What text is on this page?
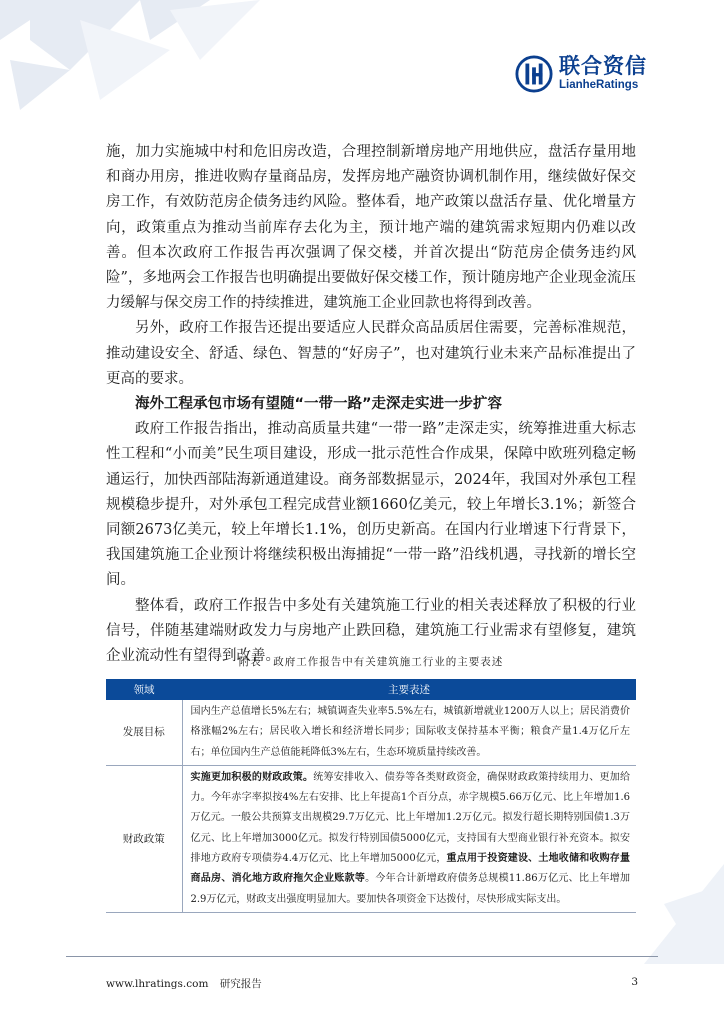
联合资信
LianheRatings

施，加力实施城中村和危旧房改造，合理控制新增房地产用地供应，盘活存量用地和商办用房，推进收购存量商品房，发挥房地产融资协调机制作用，继续做好保交房工作，有效防范房企债务违约风险。整体看，地产政策以盘活存量、优化增量方向，政策重点为推动当前库存去化为主，预计地产端的建筑需求短期内仍难以改善。但本次政府工作报告再次强调了保交楼，并首次提出“防范房企债务违约风险”，多地两会工作报告也明确提出要做好保交楼工作，预计随房地产企业现金流压力缓解与保交房工作的持续推进，建筑施工企业回款也将得到改善。

另外，政府工作报告还提出要适应人民群众高品质居住需要，完善标准规范，推动建设安全、舒适、绿色、智慧的“好房子”，也对建筑行业未来产品标准提出了更高的要求。

海外工程承包市场有望随“一带一路”走深走实进一步扩容

政府工作报告指出，推动高质量共建“一带一路”走深走实，统筹推进重大标志性工程和“小而美”民生项目建设，形成一批示范性合作成果，保障中欧班列稳定畅通运行，加快西部陆海新通道建设。商务部数据显示，2024年，我国对外承包工程规模稳步提升，对外承包工程完成营业额1660亿美元，较上年增长3.1%；新签合同额2673亿美元，较上年增长1.1%，创历史新高。在国内行业增速下行背景下，我国建筑施工企业预计将继续积极出海捕捉“一带一路”沿线机遇，寻找新的增长空间。

整体看，政府工作报告中多处有关建筑施工行业的相关表述释放了积极的行业信号，伴随基建端财政发力与房地产止跌回稳，建筑施工行业需求有望修复，建筑企业流动性有望得到改善。

附表　政府工作报告中有关建筑施工行业的主要表述
领域	主要表述
发展目标	国内生产总值增长5%左右；城镇调查失业率5.5%左右，城镇新增就业1200万人以上；居民消费价格涨幅2%左右；居民收入增长和经济增长同步；国际收支保持基本平衡；粮食产量1.4万亿斤左右；单位国内生产总值能耗降低3%左右，生态环境质量持续改善。
财政政策	实施更加积极的财政政策。统筹安排收入、债券等各类财政资金，确保财政政策持续用力、更加给力。今年赤字率拟按4%左右安排、比上年提高1个百分点，赤字规模5.66万亿元、比上年增加1.6万亿元。一般公共预算支出规模29.7万亿元、比上年增加1.2万亿元。拟发行超长期特别国债1.3万亿元、比上年增加3000亿元。拟发行特别国债5000亿元，支持国有大型商业银行补充资本。拟安排地方政府专项债券4.4万亿元、比上年增加5000亿元，重点用于投资建设、土地收储和收购存量商品房、消化地方政府拖欠企业账款等。今年合计新增政府债务总规模11.86万亿元、比上年增加2.9万亿元，财政支出强度明显加大。要加快各项资金下达拨付，尽快形成实际支出。
www.lhratings.com 研究报告	3
